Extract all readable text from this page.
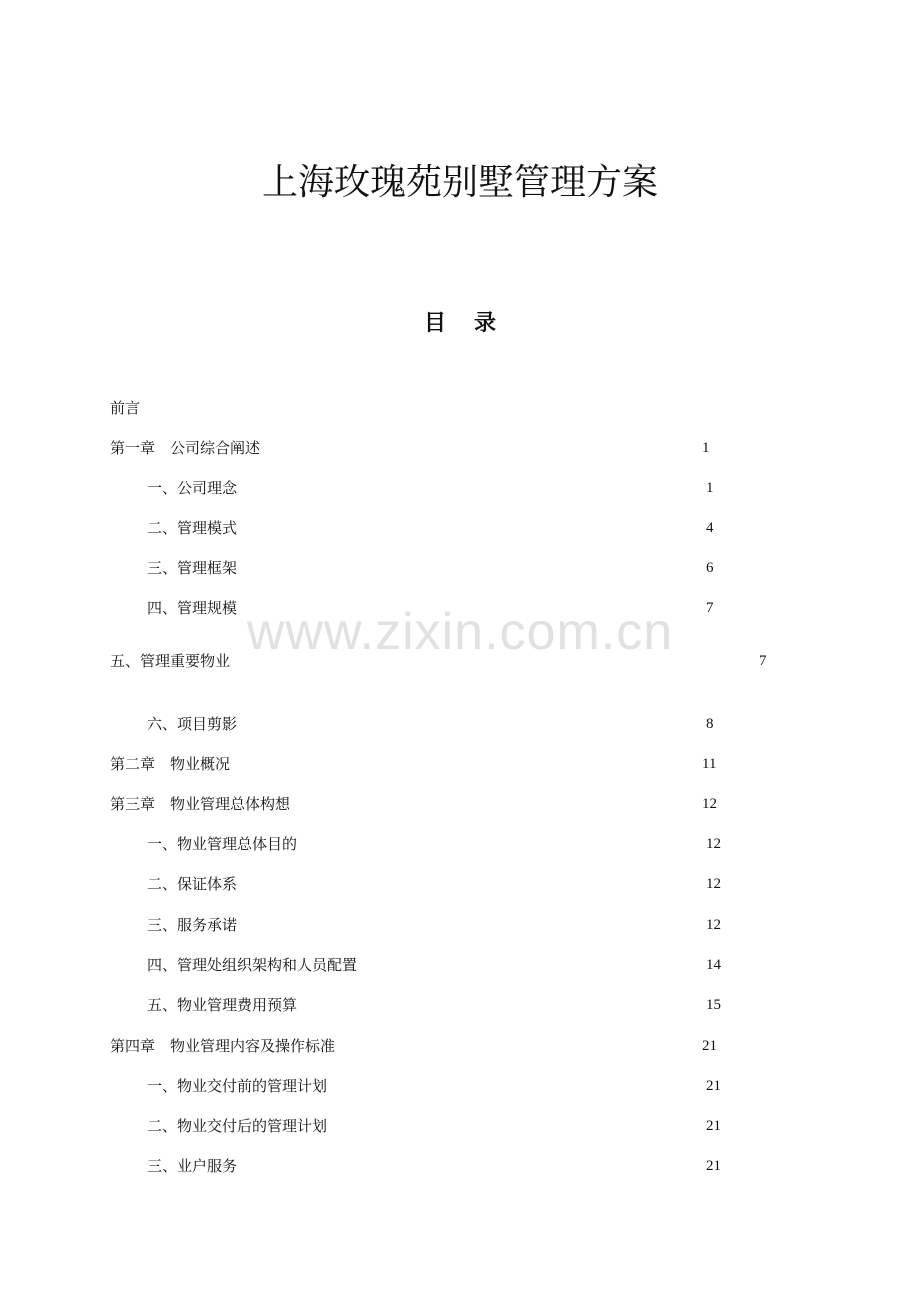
上海玫瑰苑别墅管理方案
目 录
www.zixin.com.cn
前言
第一章　公司综合阐述	1
一、公司理念	1
二、管理模式	4
三、管理框架	6
四、管理规模	7
五、管理重要物业	7
六、项目剪影	8
第二章　物业概况	11
第三章　物业管理总体构想	12
一、物业管理总体目的	12
二、保证体系	12
三、服务承诺	12
四、管理处组织架构和人员配置	14
五、物业管理费用预算	15
第四章　物业管理内容及操作标准	21
一、物业交付前的管理计划	21
二、物业交付后的管理计划	21
三、业户服务	21
